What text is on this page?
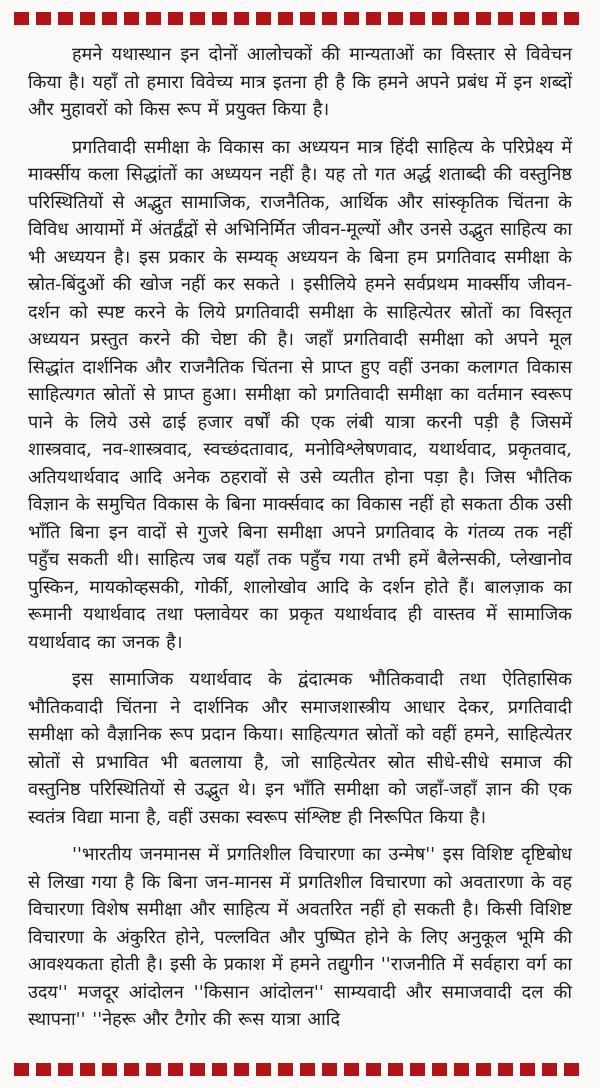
हमने यथास्थान इन दोनों आलोचकों की मान्यताओं का विस्तार से विवेचन किया है। यहाँ तो हमारा विवेच्य मात्र इतना ही है कि हमने अपने प्रबंध में इन शब्दों और मुहावरों को किस रूप में प्रयुक्त किया है।

प्रगतिवादी समीक्षा के विकास का अध्ययन मात्र हिंदी साहित्य के परिप्रेक्ष्य में मार्क्सीय कला सिद्धांतों का अध्ययन नहीं है। यह तो गत अर्द्ध शताब्दी की वस्तुनिष्ठ परिस्थितियों से अद्भुत सामाजिक, राजनैतिक, आर्थिक और सांस्कृतिक चिंतना के विविध आयामों में अंतर्द्वंद्वों से अभिनिर्मित जीवन-मूल्यों और उनसे उद्भुत साहित्य का भी अध्ययन है। इस प्रकार के सम्यक् अध्ययन के बिना हम प्रगतिवाद समीक्षा के स्रोत-बिंदुओं की खोज नहीं कर सकते । इसीलिये हमने सर्वप्रथम मार्क्सीय जीवन-दर्शन को स्पष्ट करने के लिये प्रगतिवादी समीक्षा के साहित्येतर स्रोतों का विस्तृत अध्ययन प्रस्तुत करने की चेष्टा की है। जहाँ प्रगतिवादी समीक्षा को अपने मूल सिद्धांत दार्शनिक और राजनैतिक चिंतना से प्राप्त हुए वहीं उनका कलागत विकास साहित्यगत स्रोतों से प्राप्त हुआ। समीक्षा को प्रगतिवादी समीक्षा का वर्तमान स्वरूप पाने के लिये उसे ढाई हजार वर्षों की एक लंबी यात्रा करनी पड़ी है जिसमें शास्त्रवाद, नव-शास्त्रवाद, स्वच्छंदतावाद, मनोविश्लेषणवाद, यथार्थवाद, प्रकृतवाद, अतियथार्थवाद आदि अनेक ठहरावों से उसे व्यतीत होना पड़ा है। जिस भौतिक विज्ञान के समुचित विकास के बिना मार्क्सवाद का विकास नहीं हो सकता ठीक उसी भाँति बिना इन वादों से गुजरे बिना समीक्षा अपने प्रगतिवाद के गंतव्य तक नहीं पहुँच सकती थी। साहित्य जब यहाँ तक पहुँच गया तभी हमें बैलेन्सकी, प्लेखानोव पुस्किन, मायकोव्हसकी, गोर्की, शालोखोव आदि के दर्शन होते हैं। बालज़ाक का रूमानी यथार्थवाद तथा फ्लावेयर का प्रकृत यथार्थवाद ही वास्तव में सामाजिक यथार्थवाद का जनक है।

इस सामाजिक यथार्थवाद के द्वंदात्मक भौतिकवादी तथा ऐतिहासिक भौतिकवादी चिंतना ने दार्शनिक और समाजशास्त्रीय आधार देकर, प्रगतिवादी समीक्षा को वैज्ञानिक रूप प्रदान किया। साहित्यगत स्रोतों को वहीं हमने, साहित्येतर स्रोतों से प्रभावित भी बतलाया है, जो साहित्येतर स्रोत सीधे-सीधे समाज की वस्तुनिष्ठ परिस्थितियों से उद्भुत थे। इन भाँति समीक्षा को जहाँ-जहाँ ज्ञान की एक स्वतंत्र विद्या माना है, वहीं उसका स्वरूप संश्लिष्ट ही निरूपित किया है।

''भारतीय जनमानस में प्रगतिशील विचारणा का उन्मेष'' इस विशिष्ट दृष्टिबोध से लिखा गया है कि बिना जन-मानस में प्रगतिशील विचारणा को अवतारणा के वह विचारणा विशेष समीक्षा और साहित्य में अवतरित नहीं हो सकती है। किसी विशिष्ट विचारणा के अंकुरित होने, पल्लवित और पुष्पित होने के लिए अनुकूल भूमि की आवश्यकता होती है। इसी के प्रकाश में हमने तद्युगीन ''राजनीति में सर्वहारा वर्ग का उदय'' मजदूर आंदोलन ''किसान आंदोलन'' साम्यवादी और समाजवादी दल की स्थापना'' ''नेहरू और टैगोर की रूस यात्रा आदि
